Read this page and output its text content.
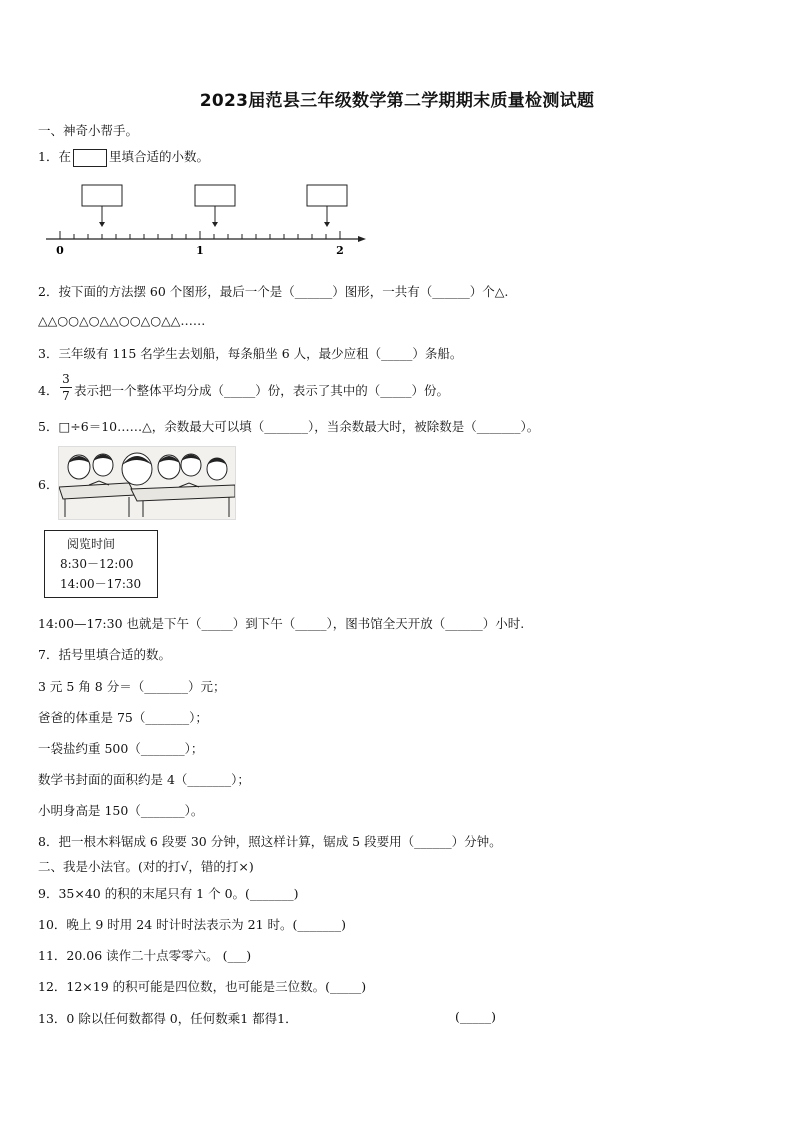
2023届范县三年级数学第二学期期末质量检测试题
一、神奇小帮手。
1．在	里填合适的小数。
0	1	2
2．按下面的方法摆 60 个图形，最后一个是（______）图形，一共有（______）个△.
△△○○△○△△○○△○△△……
3．三年级有 115 名学生去划船，每条船坐 6 人，最少应租（_____）条船。
4．
3
7 表示把一个整体平均分成（_____）份，表示了其中的（_____）份。
5．□÷6＝10……△，余数最大可以填（_______），当余数最大时，被除数是（_______）。
6．
阅览时间
8:30－12:00
14:00－17:30
14:00—17:30 也就是下午（_____）到下午（_____），图书馆全天开放（______）小时.
7．括号里填合适的数。
3 元 5 角 8 分＝（_______）元；
爸爸的体重是 75（_______）；
一袋盐约重 500（_______）；
数学书封面的面积约是 4（_______）；
小明身高是 150（_______）。
8．把一根木料锯成 6 段要 30 分钟，照这样计算，锯成 5 段要用（______）分钟。
二、我是小法官。(对的打√，错的打×)
9．35×40 的积的末尾只有 1 个 0。(_______)
10．晚上 9 时用 24 时计时法表示为 21 时。(_______)
11．20.06 读作二十点零零六。 (___)
12．12×19 的积可能是四位数，也可能是三位数。(_____)
13．0 除以任何数都得 0，任何数乘1 都得1．	(_____)
